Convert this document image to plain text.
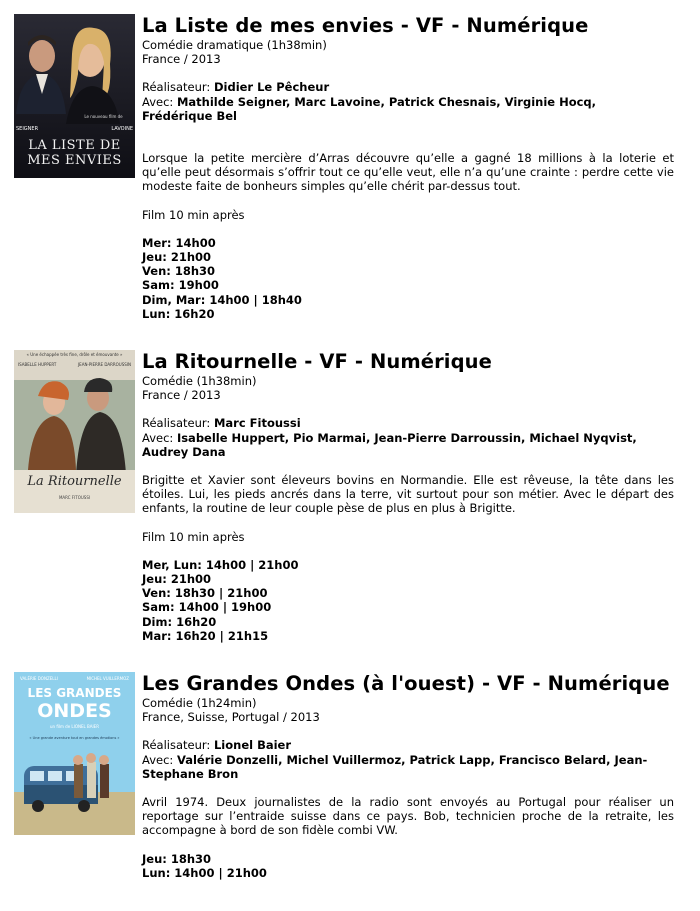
Le nouveau film de
SEIGNER	LAVOINE
LA LISTE DE
MES ENVIES
La Liste de mes envies - VF - Numérique

Comédie dramatique (1h38min)

France / 2013

Réalisateur: Didier Le Pêcheur

Avec: Mathilde Seigner, Marc Lavoine, Patrick Chesnais, Virginie Hocq,

Frédérique Bel

Lorsque la petite mercière d’Arras découvre qu’elle a gagné 18 millions à la loterie et qu’elle peut désormais s’offrir tout ce qu’elle veut, elle n’a qu’une crainte : perdre cette vie modeste faite de bonheurs simples qu’elle chérit par-dessus tout.

Film 10 min après

Mer: 14h00

Jeu: 21h00

Ven: 18h30

Sam: 19h00

Dim, Mar: 14h00 | 18h40

Lun: 16h20

« Une échappée très fine, drôle et émouvante »
ISABELLE HUPPERT	JEAN-PIERRE DARROUSSIN
La Ritournelle
MARC FITOUSSI
La Ritournelle - VF - Numérique

Comédie (1h38min)

France / 2013

Réalisateur: Marc Fitoussi

Avec: Isabelle Huppert, Pio Marmai, Jean-Pierre Darroussin, Michael Nyqvist,

Audrey Dana

Brigitte et Xavier sont éleveurs bovins en Normandie. Elle est rêveuse, la tête dans les étoiles. Lui, les pieds ancrés dans la terre, vit surtout pour son métier. Avec le départ des enfants, la routine de leur couple pèse de plus en plus à Brigitte.

Film 10 min après

Mer, Lun: 14h00 | 21h00

Jeu: 21h00

Ven: 18h30 | 21h00

Sam: 14h00 | 19h00

Dim: 16h20

Mar: 16h20 | 21h15

VALÉRIE DONZELLI	MICHEL VUILLERMOZ
LES GRANDES
ONDES
un film de LIONEL BAIER
« Une grande aventure tout en grandes émotions »
Les Grandes Ondes (à l'ouest) - VF - Numérique

Comédie (1h24min)

France, Suisse, Portugal / 2013

Réalisateur: Lionel Baier

Avec: Valérie Donzelli, Michel Vuillermoz, Patrick Lapp, Francisco Belard, Jean-

Stephane Bron

Avril 1974. Deux journalistes de la radio sont envoyés au Portugal pour réaliser un reportage sur l’entraide suisse dans ce pays. Bob, technicien proche de la retraite, les accompagne à bord de son fidèle combi VW.

Jeu: 18h30

Lun: 14h00 | 21h00
